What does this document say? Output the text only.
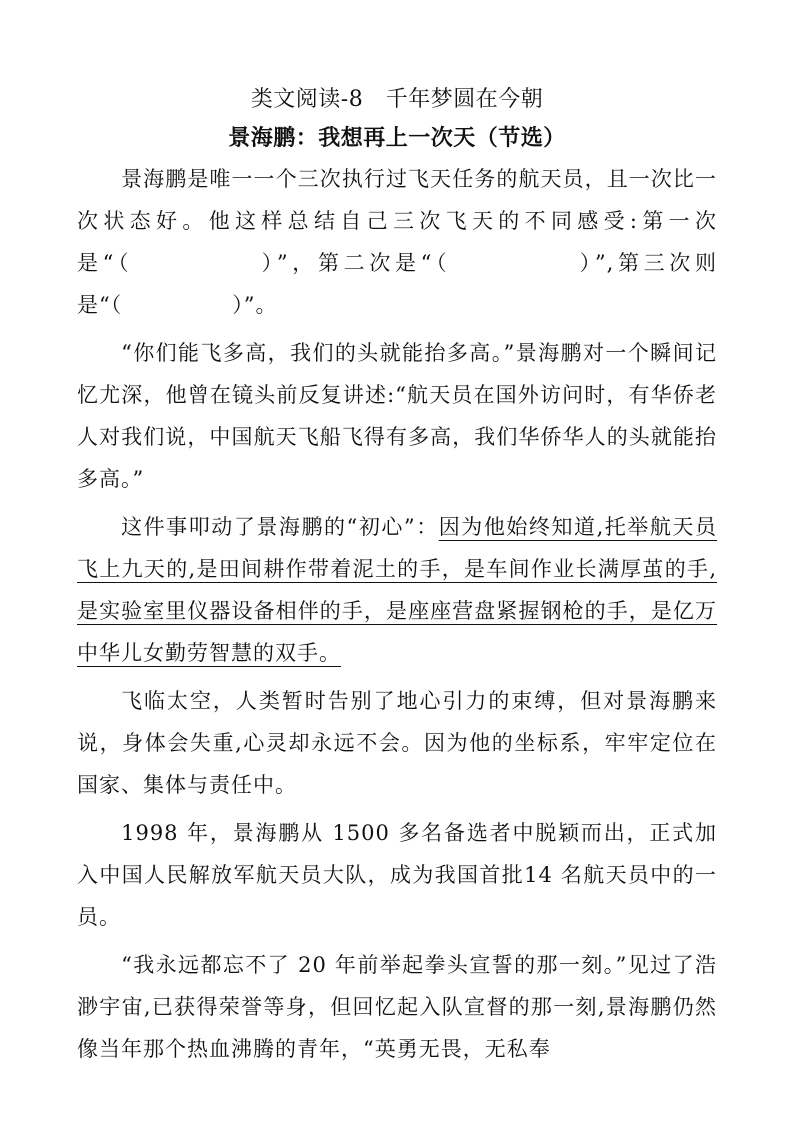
类文阅读-8　千年梦圆在今朝
景海鹏：我想再上一次天（节选）

景海鹏是唯一一个三次执行过飞天任务的航天员，且一次比一次状态好。他这样总结自己三次飞天的不同感受:第一次是“（　　　　　）”，第二次是“（　　　　　）”,第三次则是“（　　　　　）”。

“你们能飞多高，我们的头就能抬多高。”景海鹏对一个瞬间记忆尤深，他曾在镜头前反复讲述:“航天员在国外访问时，有华侨老人对我们说，中国航天飞船飞得有多高，我们华侨华人的头就能抬多高。”

这件事叩动了景海鹏的“初心”：因为他始终知道,托举航天员飞上九天的,是田间耕作带着泥土的手，是车间作业长满厚茧的手,是实验室里仪器设备相伴的手，是座座营盘紧握钢枪的手，是亿万中华儿女勤劳智慧的双手。

飞临太空，人类暂时告别了地心引力的束缚，但对景海鹏来说，身体会失重,心灵却永远不会。因为他的坐标系，牢牢定位在国家、集体与责任中。

1998 年，景海鹏从 1500 多名备选者中脱颖而出，正式加入中国人民解放军航天员大队，成为我国首批14 名航天员中的一员。

“我永远都忘不了 20 年前举起拳头宣誓的那一刻。”见过了浩渺宇宙,已获得荣誉等身，但回忆起入队宣督的那一刻,景海鹏仍然像当年那个热血沸腾的青年，“英勇无畏，无私奉
